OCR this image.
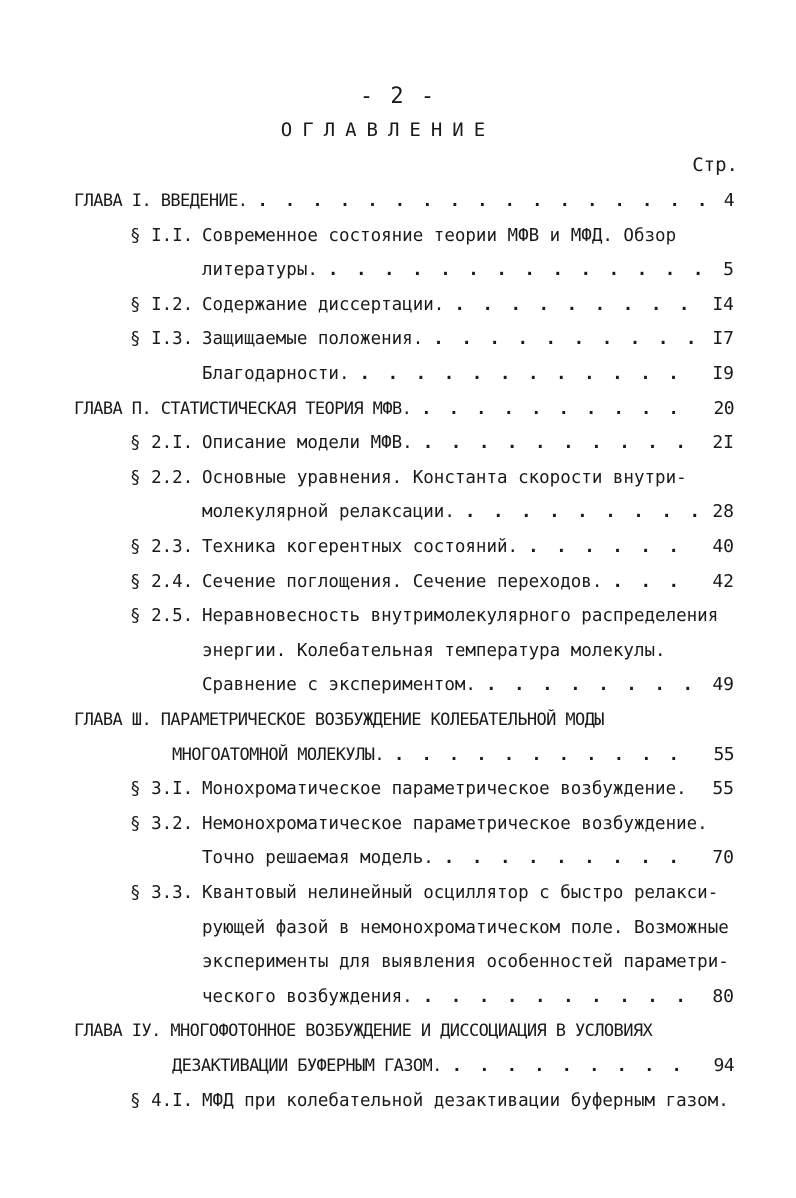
- 2 -
ОГЛАВЛЕНИЕ
Стр.
ГЛАВА I. ВВЕДЕНИЕ. . . . . . . . . . . . . . . . . . 4
§ I.I. Современное состояние теории МФВ и МФД. Обзор
литературы. . . . . . . . . . . . . . . 5
§ I.2. Содержание диссертации. . . . . . . . . . I4
§ I.3. Защищаемые положения. . . . . . . . . . . I7
Благодарности. . . . . . . . . . . . . I9
ГЛАВА П. СТАТИСТИЧЕСКАЯ ТЕОРИЯ МФВ. . . . . . . . . . . 20
§ 2.I. Описание модели МФВ. . . . . . . . . . . 2I
§ 2.2. Основные уравнения. Константа скорости внутри-
молекулярной релаксации. . . . . . . . . . 28
§ 2.3. Техника когерентных состояний. . . . . . . 40
§ 2.4. Сечение поглощения. Сечение переходов. . . . 42
§ 2.5. Неравновесность внутримолекулярного распределения
энергии. Колебательная температура молекулы.
Сравнение с экспериментом. . . . . . . . . 49
ГЛАВА Ш. ПАРАМЕТРИЧЕСКОЕ ВОЗБУЖДЕНИЕ КОЛЕБАТЕЛЬНОЙ МОДЫ
МНОГОАТОМНОЙ МОЛЕКУЛЫ. . . . . . . . . . . . 55
§ 3.I. Монохроматическое параметрическое возбуждение. 55
§ 3.2. Немонохроматическое параметрическое возбуждение.
Точно решаемая модель. . . . . . . . . . 70
§ 3.3. Квантовый нелинейный осциллятор с быстро релакси-
рующей фазой в немонохроматическом поле. Возможные
эксперименты для выявления особенностей параметри-
ческого возбуждения. . . . . . . . . . . 80
ГЛАВА IУ. МНОГОФОТОННОЕ ВОЗБУЖДЕНИЕ И ДИССОЦИАЦИЯ В УСЛОВИЯХ
ДЕЗАКТИВАЦИИ БУФЕРНЫМ ГАЗОМ. . . . . . . . . . 94
§ 4.I. МФД при колебательной дезактивации буферным газом.
